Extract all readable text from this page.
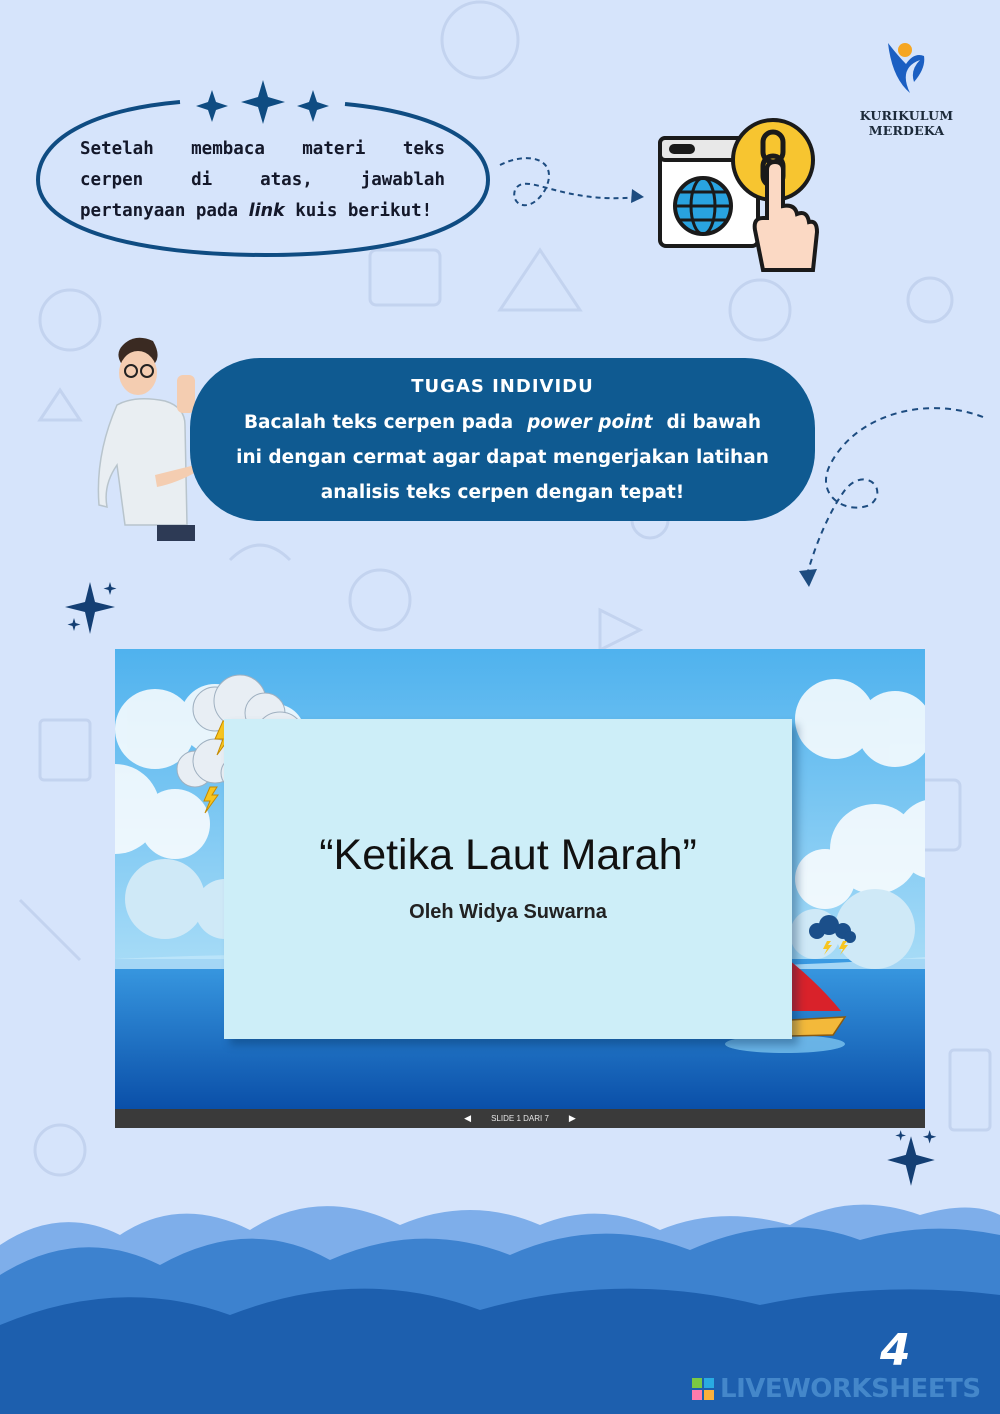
KURIKULUM MERDEKA
Setelah membaca materi teks
cerpen di atas, jawablah
pertanyaan pada link kuis berikut!
TUGAS INDIVIDU
Bacalah teks cerpen pada power point di bawah
ini dengan cermat agar dapat mengerjakan latihan
analisis teks cerpen dengan tepat!
“Ketika Laut Marah”
Oleh Widya Suwarna
◀	SLIDE 1 DARI 7 ▶
4
LIVEWORKSHEETS
